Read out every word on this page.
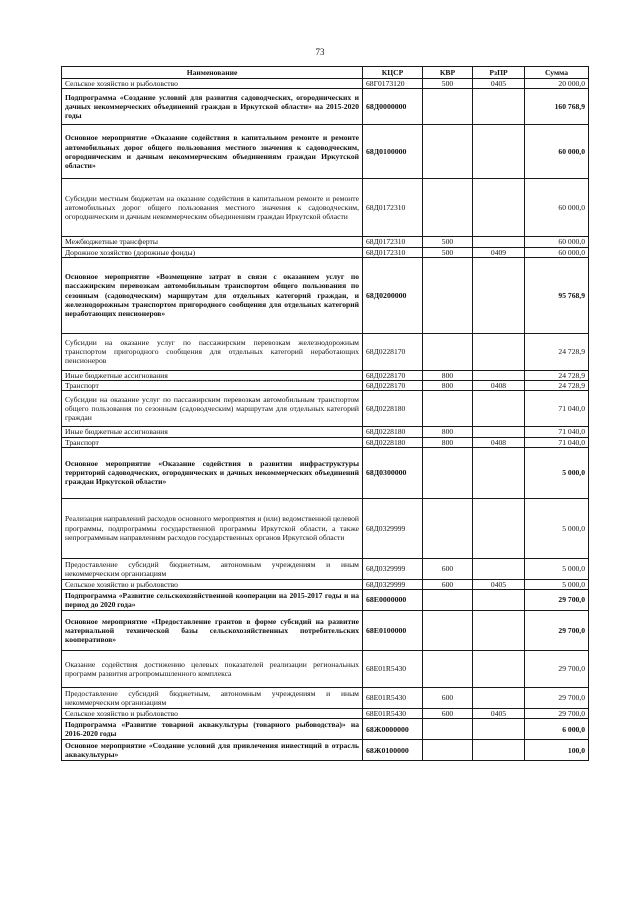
73
Наименование	КЦСР	КВР	РзПР	Сумма
Сельское хозяйство и рыболовство	68Г0173120	500	0405	20 000,0
Подпрограмма «Создание условий для развития садоводческих, огороднических и дачных некоммерческих объединений граждан в Иркутской области» на 2015-2020 годы	68Д0000000			160 768,9
Основное мероприятие «Оказание содействия в капитальном ремонте и ремонте автомобильных дорог общего пользования местного значения к садоводческим, огородническим и дачным некоммерческим объединениям граждан Иркутской области»	68Д0100000			60 000,0
Субсидии местным бюджетам на оказание содействия в капитальном ремонте и ремонте автомобильных дорог общего пользования местного значения к садоводческим, огородническим и дачным некоммерческим объединениям граждан Иркутской области	68Д0172310			60 000,0
Межбюджетные трансферты	68Д0172310	500		60 000,0
Дорожное хозяйство (дорожные фонды)	68Д0172310	500	0409	60 000,0
Основное мероприятие «Возмещение затрат в связи с оказанием услуг по пассажирским перевозкам автомобильным транспортом общего пользования по сезонным (садоводческим) маршрутам для отдельных категорий граждан, и железнодорожным транспортом пригородного сообщения для отдельных категорий неработающих пенсионеров»	68Д0200000			95 768,9
Субсидии на оказание услуг по пассажирским перевозкам железнодорожным транспортом пригородного сообщения для отдельных категорий неработающих пенсионеров	68Д0228170			24 728,9
Иные бюджетные ассигнования	68Д0228170	800		24 728,9
Транспорт	68Д0228170	800	0408	24 728,9
Субсидии на оказание услуг по пассажирским перевозкам автомобильным транспортом общего пользования по сезонным (садоводческим) маршрутам для отдельных категорий граждан	68Д0228180			71 040,0
Иные бюджетные ассигнования	68Д0228180	800		71 040,0
Транспорт	68Д0228180	800	0408	71 040,0
Основное мероприятие «Оказание содействия в развитии инфраструктуры территорий садоводческих, огороднических и дачных некоммерческих объединений граждан Иркутской области»	68Д0300000			5 000,0
Реализация направлений расходов основного мероприятия и (или) ведомственной целевой программы, подпрограммы государственной программы Иркутской области, а также непрограммным направлениям расходов государственных органов Иркутской области	68Д0329999			5 000,0
Предоставление субсидий бюджетным, автономным учреждениям и иным некоммерческим организациям	68Д0329999	600		5 000,0
Сельское хозяйство и рыболовство	68Д0329999	600	0405	5 000,0
Подпрограмма «Развитие сельскохозяйственной кооперации на 2015-2017 годы и на период до 2020 года»	68Е0000000			29 700,0
Основное мероприятие «Предоставление грантов в форме субсидий на развитие материальной технической базы сельскохозяйственных потребительских кооперативов»	68Е0100000			29 700,0
Оказание содействия достижению целевых показателей реализации региональных программ развития агропромышленного комплекса	68Е01R5430			29 700,0
Предоставление субсидий бюджетным, автономным учреждениям и иным некоммерческим организациям	68Е01R5430	600		29 700,0
Сельское хозяйство и рыболовство	68Е01R5430	600	0405	29 700,0
Подпрограмма «Развитие товарной аквакультуры (товарного рыбоводства)» на 2016-2020 годы	68Ж0000000			6 000,0
Основное мероприятие «Создание условий для привлечения инвестиций в отрасль аквакультуры»	68Ж0100000			100,0
